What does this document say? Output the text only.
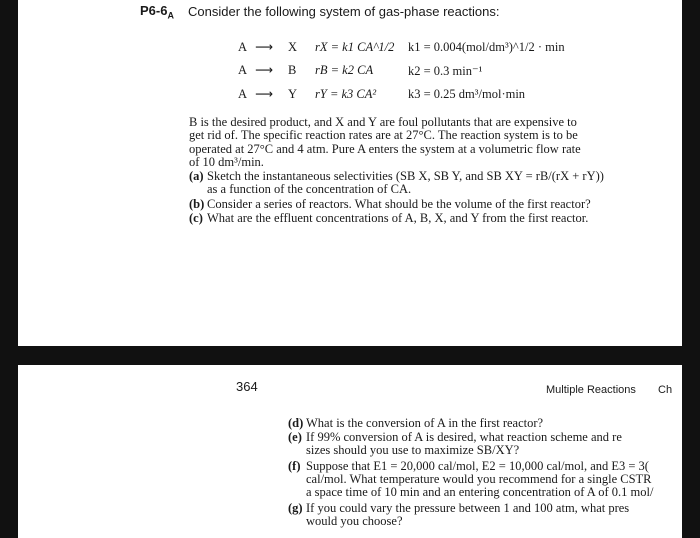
$P6-6_A$ Consider the following system of gas-phase reactions:
A ⟶ X rX = k1 CA^1/2 k1 = 0.004(mol/dm³)^1/2 · min
A ⟶ B rB = k2 CA	k2 = 0.3 min⁻¹
A ⟶ Y rY = k3 CA²	k3 = 0.25 dm³/mol·min

B is the desired product, and X and Y are foul pollutants that are expensive to

get rid of. The specific reaction rates are at 27°C. The reaction system is to be

operated at 27°C and 4 atm. Pure A enters the system at a volumetric flow rate

of 10 dm³/min.

(a) Sketch the instantaneous selectivities (SB X, SB Y, and SB XY = rB/(rX + rY))
as a function of the concentration of CA.
(b) Consider a series of reactors. What should be the volume of the first reactor?
(c) What are the effluent concentrations of A, B, X, and Y from the first reactor.
364	Multiple Reactions Ch
(d) What is the conversion of A in the first reactor?
(e) If 99% conversion of A is desired, what reaction scheme and re
sizes should you use to maximize SB/XY?
(f) Suppose that E1 = 20,000 cal/mol, E2 = 10,000 cal/mol, and E3 = 3(
cal/mol. What temperature would you recommend for a single CSTR
a space time of 10 min and an entering concentration of A of 0.1 mol/
(g) If you could vary the pressure between 1 and 100 atm, what pres
would you choose?
